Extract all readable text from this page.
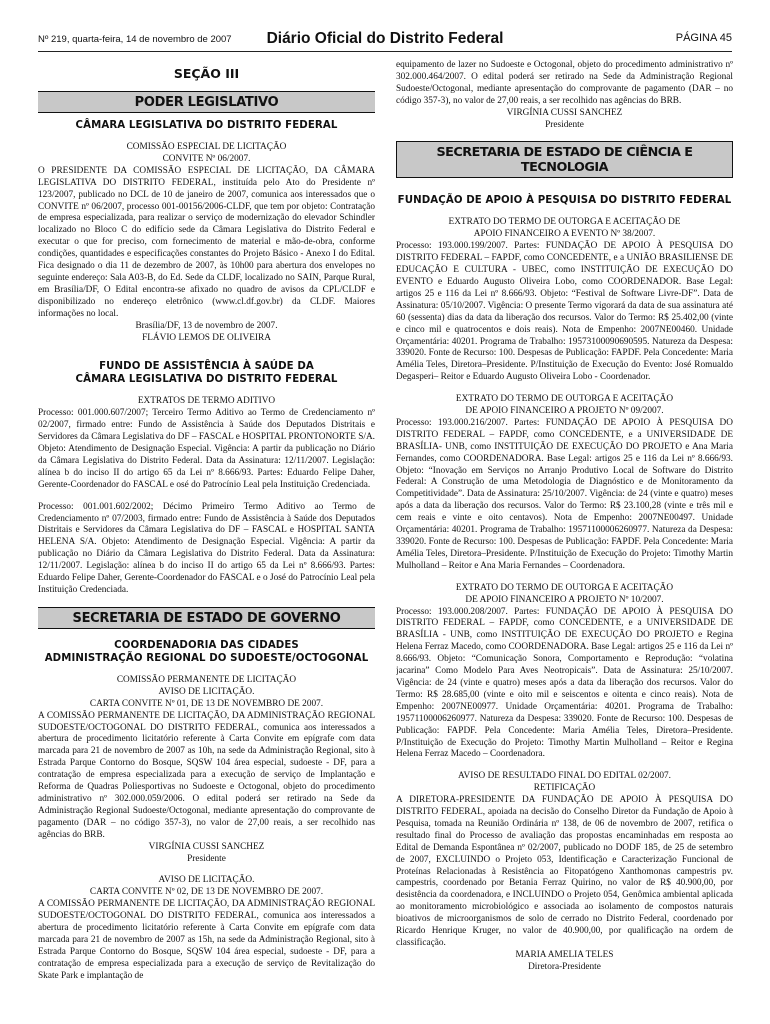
Nº 219, quarta-feira, 14 de novembro de 2007	Diário Oficial do Distrito Federal	PÁGINA 45
SEÇÃO III
PODER LEGISLATIVO
CÂMARA LEGISLATIVA DO DISTRITO FEDERAL

COMISSÃO ESPECIAL DE LICITAÇÃO

CONVITE Nº 06/2007.

O PRESIDENTE DA COMISSÃO ESPECIAL DE LICITAÇÃO, DA CÂMARA LEGISLATIVA DO DISTRITO FEDERAL, instituída pelo Ato do Presidente nº 123/2007, publicado no DCL de 10 de janeiro de 2007, comunica aos interessados que o CONVITE nº 06/2007, processo 001-00156/2006-CLDF, que tem por objeto: Contratação de empresa especializada, para realizar o serviço de modernização do elevador Schindler localizado no Bloco C do edifício sede da Câmara Legislativa do Distrito Federal e executar o que for preciso, com fornecimento de material e mão-de-obra, conforme condições, quantidades e especificações constantes do Projeto Básico - Anexo I do Edital. Fica designado o dia 11 de dezembro de 2007, às 10h00 para abertura dos envelopes no seguinte endereço: Sala A03-B, do Ed. Sede da CLDF, localizado no SAIN, Parque Rural, em Brasília/DF, O Edital encontra-se afixado no quadro de avisos da CPL/CLDF e disponibilizado no endereço eletrônico (www.cl.df.gov.br) da CLDF. Maiores informações no local.

Brasília/DF, 13 de novembro de 2007.

FLÁVIO LEMOS DE OLIVEIRA

FUNDO DE ASSISTÊNCIA À SAÚDE DA
CÂMARA LEGISLATIVA DO DISTRITO FEDERAL

EXTRATOS DE TERMO ADITIVO

Processo: 001.000.607/2007; Terceiro Termo Aditivo ao Termo de Credenciamento nº 02/2007, firmado entre: Fundo de Assistência à Saúde dos Deputados Distritais e Servidores da Câmara Legislativa do DF – FASCAL e HOSPITAL PRONTONORTE S/A. Objeto: Atendimento de Designação Especial. Vigência: A partir da publicação no Diário da Câmara Legislativa do Distrito Federal. Data da Assinatura: 12/11/2007. Legislação: alínea b do inciso II do artigo 65 da Lei nº 8.666/93. Partes: Eduardo Felipe Daher, Gerente-Coordenador do FASCAL e osé do Patrocínio Leal pela Instituição Credenciada.

Processo: 001.001.602/2002; Décimo Primeiro Termo Aditivo ao Termo de Credenciamento nº 07/2003, firmado entre: Fundo de Assistência à Saúde dos Deputados Distritais e Servidores da Câmara Legislativa do DF – FASCAL e HOSPITAL SANTA HELENA S/A. Objeto: Atendimento de Designação Especial. Vigência: A partir da publicação no Diário da Câmara Legislativa do Distrito Federal. Data da Assinatura: 12/11/2007. Legislação: alínea b do inciso II do artigo 65 da Lei nº 8.666/93. Partes: Eduardo Felipe Daher, Gerente-Coordenador do FASCAL e o José do Patrocínio Leal pela Instituição Credenciada.

SECRETARIA DE ESTADO DE GOVERNO
COORDENADORIA DAS CIDADES
ADMINISTRAÇÃO REGIONAL DO SUDOESTE/OCTOGONAL

COMISSÃO PERMANENTE DE LICITAÇÃO

AVISO DE LICITAÇÃO.

CARTA CONVITE Nº 01, DE 13 DE NOVEMBRO DE 2007.

A COMISSÃO PERMANENTE DE LICITAÇÃO, DA ADMINISTRAÇÃO REGIONAL SUDOESTE/OCTOGONAL DO DISTRITO FEDERAL, comunica aos interessados a abertura de procedimento licitatório referente à Carta Convite em epígrafe com data marcada para 21 de novembro de 2007 as 10h, na sede da Administração Regional, sito à Estrada Parque Contorno do Bosque, SQSW 104 área especial, sudoeste - DF, para a contratação de empresa especializada para a execução de serviço de Implantação e Reforma de Quadras Poliesportivas no Sudoeste e Octogonal, objeto do procedimento administrativo nº 302.000.059/2006. O edital poderá ser retirado na Sede da Administração Regional Sudoeste/Octogonal, mediante apresentação do comprovante de pagamento (DAR – no código 357-3), no valor de 27,00 reais, a ser recolhido nas agências do BRB.

VIRGÍNIA CUSSI SANCHEZ

Presidente

AVISO DE LICITAÇÃO.

CARTA CONVITE Nº 02, DE 13 DE NOVEMBRO DE 2007.

A COMISSÃO PERMANENTE DE LICITAÇÃO, DA ADMINISTRAÇÃO REGIONAL SUDOESTE/OCTOGONAL DO DISTRITO FEDERAL, comunica aos interessados a abertura de procedimento licitatório referente à Carta Convite em epígrafe com data marcada para 21 de novembro de 2007 as 15h, na sede da Administração Regional, sito à Estrada Parque Contorno do Bosque, SQSW 104 área especial, sudoeste - DF, para a contratação de empresa especializada para a execução de serviço de Revitalização do Skate Park e implantação de

equipamento de lazer no Sudoeste e Octogonal, objeto do procedimento administrativo nº 302.000.464/2007. O edital poderá ser retirado na Sede da Administração Regional Sudoeste/Octogonal, mediante apresentação do comprovante de pagamento (DAR – no código 357-3), no valor de 27,00 reais, a ser recolhido nas agências do BRB.

VIRGÍNIA CUSSI SANCHEZ

Presidente

SECRETARIA DE ESTADO DE CIÊNCIA E TECNOLOGIA
FUNDAÇÃO DE APOIO À PESQUISA DO DISTRITO FEDERAL

EXTRATO DO TERMO DE OUTORGA E ACEITAÇÃO DE

APOIO FINANCEIRO A EVENTO Nº 38/2007.

Processo: 193.000.199/2007. Partes: FUNDAÇÃO DE APOIO À PESQUISA DO DISTRITO FEDERAL – FAPDF, como CONCEDENTE, e a UNIÃO BRASILIENSE DE EDUCAÇÃO E CULTURA - UBEC, como INSTITUIÇÃO DE EXECUÇÃO DO EVENTO e Eduardo Augusto Oliveira Lobo, como COORDENADOR. Base Legal: artigos 25 e 116 da Lei nº 8.666/93. Objeto: “Festival de Software Livre-DF”. Data de Assinatura: 05/10/2007. Vigência: O presente Termo vigorará da data de sua assinatura até 60 (sessenta) dias da data da liberação dos recursos. Valor do Termo: R$ 25.402,00 (vinte e cinco mil e quatrocentos e dois reais). Nota de Empenho: 2007NE00460. Unidade Orçamentária: 40201. Programa de Trabalho: 19573100090690595. Natureza da Despesa: 339020. Fonte de Recurso: 100. Despesas de Publicação: FAPDF. Pela Concedente: Maria Amélia Teles, Diretora–Presidente. P/Instituição de Execução do Evento: José Romualdo Degasperi– Reitor e Eduardo Augusto Oliveira Lobo - Coordenador.

EXTRATO DO TERMO DE OUTORGA E ACEITAÇÃO

DE APOIO FINANCEIRO A PROJETO Nº 09/2007.

Processo: 193.000.216/2007. Partes: FUNDAÇÃO DE APOIO À PESQUISA DO DISTRITO FEDERAL – FAPDF, como CONCEDENTE, e a UNIVERSIDADE DE BRASÍLIA- UNB, como INSTITUIÇÃO DE EXECUÇÃO DO PROJETO e Ana Maria Fernandes, como COORDENADORA. Base Legal: artigos 25 e 116 da Lei nº 8.666/93. Objeto: “Inovação em Serviços no Arranjo Produtivo Local de Software do Distrito Federal: A Construção de uma Metodologia de Diagnóstico e de Monitoramento da Competitividade”. Data de Assinatura: 25/10/2007. Vigência: de 24 (vinte e quatro) meses após a data da liberação dos recursos. Valor do Termo: R$ 23.100,28 (vinte e três mil e cem reais e vinte e oito centavos). Nota de Empenho: 2007NE00497. Unidade Orçamentária: 40201. Programa de Trabalho: 19571100006260977. Natureza da Despesa: 339020. Fonte de Recurso: 100. Despesas de Publicação: FAPDF. Pela Concedente: Maria Amélia Teles, Diretora–Presidente. P/Instituição de Execução do Projeto: Timothy Martin Mulholland – Reitor e Ana Maria Fernandes – Coordenadora.

EXTRATO DO TERMO DE OUTORGA E ACEITAÇÃO

DE APOIO FINANCEIRO A PROJETO Nº 10/2007.

Processo: 193.000.208/2007. Partes: FUNDAÇÃO DE APOIO À PESQUISA DO DISTRITO FEDERAL – FAPDF, como CONCEDENTE, e a UNIVERSIDADE DE BRASÍLIA - UNB, como INSTITUIÇÃO DE EXECUÇÃO DO PROJETO e Regina Helena Ferraz Macedo, como COORDENADORA. Base Legal: artigos 25 e 116 da Lei nº 8.666/93. Objeto: “Comunicação Sonora, Comportamento e Reprodução: “volatina jacarina” Como Modelo Para Aves Neotropicais”. Data de Assinatura: 25/10/2007. Vigência: de 24 (vinte e quatro) meses após a data da liberação dos recursos. Valor do Termo: R$ 28.685,00 (vinte e oito mil e seiscentos e oitenta e cinco reais). Nota de Empenho: 2007NE00977. Unidade Orçamentária: 40201. Programa de Trabalho: 19571100006260977. Natureza da Despesa: 339020. Fonte de Recurso: 100. Despesas de Publicação: FAPDF. Pela Concedente: Maria Amélia Teles, Diretora–Presidente. P/Instituição de Execução do Projeto: Timothy Martin Mulholland – Reitor e Regina Helena Ferraz Macedo – Coordenadora.

AVISO DE RESULTADO FINAL DO EDITAL 02/2007.

RETIFICAÇÃO

A DIRETORA-PRESIDENTE DA FUNDAÇÃO DE APOIO À PESQUISA DO DISTRITO FEDERAL, apoiada na decisão do Conselho Diretor da Fundação de Apoio à Pesquisa, tomada na Reunião Ordinária nº 138, de 06 de novembro de 2007, retifica o resultado final do Processo de avaliação das propostas encaminhadas em resposta ao Edital de Demanda Espontânea nº 02/2007, publicado no DODF 185, de 25 de setembro de 2007, EXCLUINDO o Projeto 053, Identificação e Caracterização Funcional de Proteínas Relacionadas à Resistência ao Fitopatógeno Xanthomonas campestris pv. campestris, coordenado por Betania Ferraz Quirino, no valor de R$ 40.900,00, por desistência da coordenadora, e INCLUINDO o Projeto 054, Genômica ambiental aplicada ao monitoramento microbiológico e associada ao isolamento de compostos naturais bioativos de microorganismos de solo de cerrado no Distrito Federal, coordenado por Ricardo Henrique Kruger, no valor de 40.900,00, por qualificação na ordem de classificação.

MARIA AMELIA TELES

Diretora-Presidente
